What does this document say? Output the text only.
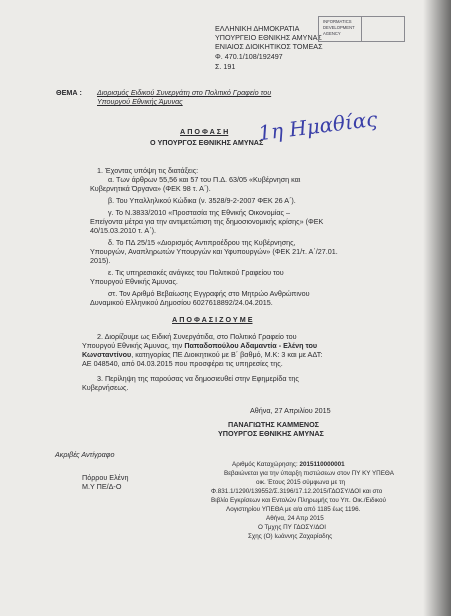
ΕΛΛΗΝΙΚΗ ΔΗΜΟΚΡΑΤΙΑ
ΥΠΟΥΡΓΕΙΟ ΕΘΝΙΚΗΣ ΑΜΥΝΑΣ
ΕΝΙΑΙΟΣ ΔΙΟΙΚΗΤΙΚΟΣ ΤΟΜΕΑΣ
Φ. 470.1/108/192497
Σ. 191
INFORMATICS
DEVELOPMENT
AGENCY
ΘΕΜΑ : Διορισμός Ειδικού Συνεργάτη στο Πολιτικό Γραφείο του
Υπουργού Εθνικής Άμυνας
1η Ημαθίας
Α Π Ο Φ Α Σ Η
Ο ΥΠΟΥΡΓΟΣ ΕΘΝΙΚΗΣ ΑΜΥΝΑΣ
1. Έχοντας υπόψη τις διατάξεις:
α. Των άρθρων 55,56 και 57 του Π.Δ. 63/05 «Κυβέρνηση και
Κυβερνητικά Όργανα» (ΦΕΚ 98 τ. Α΄).
β. Του Υπαλληλικού Κώδικα (ν. 3528/9-2-2007 ΦΕΚ 26 Α΄).
γ. Το Ν.3833/2010 «Προστασία της Εθνικής Οικονομίας –
Επείγοντα μέτρα για την αντιμετώπιση της δημοσιονομικής κρίσης» (ΦΕΚ
40/15.03.2010 τ. Α΄).
δ. Το ΠΔ 25/15 «Διορισμός Αντιπροέδρου της Κυβέρνησης,
Υπουργών, Αναπληρωτών Υπουργών και Υφυπουργών» (ΦΕΚ 21/τ. Α΄/27.01.
2015).
ε. Τις υπηρεσιακές ανάγκες του Πολιτικού Γραφείου του
Υπουργού Εθνικής Άμυνας.
στ. Τον Αριθμό Βεβαίωσης Εγγραφής στο Μητρώο Ανθρώπινου
Δυναμικού Ελληνικού Δημοσίου 6027618892/24.04.2015.
Α Π Ο Φ Α Σ Ι Ζ Ο Υ Μ Ε
2. Διορίζουμε ως Ειδική Συνεργάτιδα, στο Πολιτικό Γραφείο του
Υπουργού Εθνικής Άμυνας, την Παπαδοπούλου Αδαμαντία - Ελένη του
Κωνσταντίνου, κατηγορίας ΠΕ Διοικητικού με Β΄ βαθμό, Μ.Κ: 3 και με ΑΔΤ:
ΑΕ 048540, από 04.03.2015 που προσφέρει τις υπηρεσίες της.
3. Περίληψη της παρούσας να δημοσιευθεί στην Εφημερίδα της
Κυβερνήσεως.
Αθήνα, 27 Απριλίου 2015
ΠΑΝΑΓΙΩΤΗΣ ΚΑΜΜΕΝΟΣ
ΥΠΟΥΡΓΟΣ ΕΘΝΙΚΗΣ ΑΜΥΝΑΣ
Ακριβές Αντίγραφο
Πόρρου Ελένη
Μ.Υ ΠΕ/Δ-Ο
Αριθμός Καταχώρησης: 2015110000001
Βεβαιώνεται για την ύπαρξη πιστώσεων στον ΠΥ ΚΥ ΥΠΕΘΑ
οικ. Έτους 2015 σύμφωνα με τη
Φ.831.1/1290/139552/Σ.3196/17.12.2015/ΓΔΟΣΥ/ΔΟΙ και στο
Βιβλίο Εγκρίσεων και Εντολών Πληρωμής του Υπ. Οικ./Ειδικού
Λογιστηρίου ΥΠΕΘΑ με α/α από 1185 έως 1196.
Αθήνα, 24 Απρ 2015
Ο Τμχης ΠΥ ΓΔΟΣΥ/ΔΟΙ
Σχης (Ο) Ιωάννης Ζαχαρίαδης
